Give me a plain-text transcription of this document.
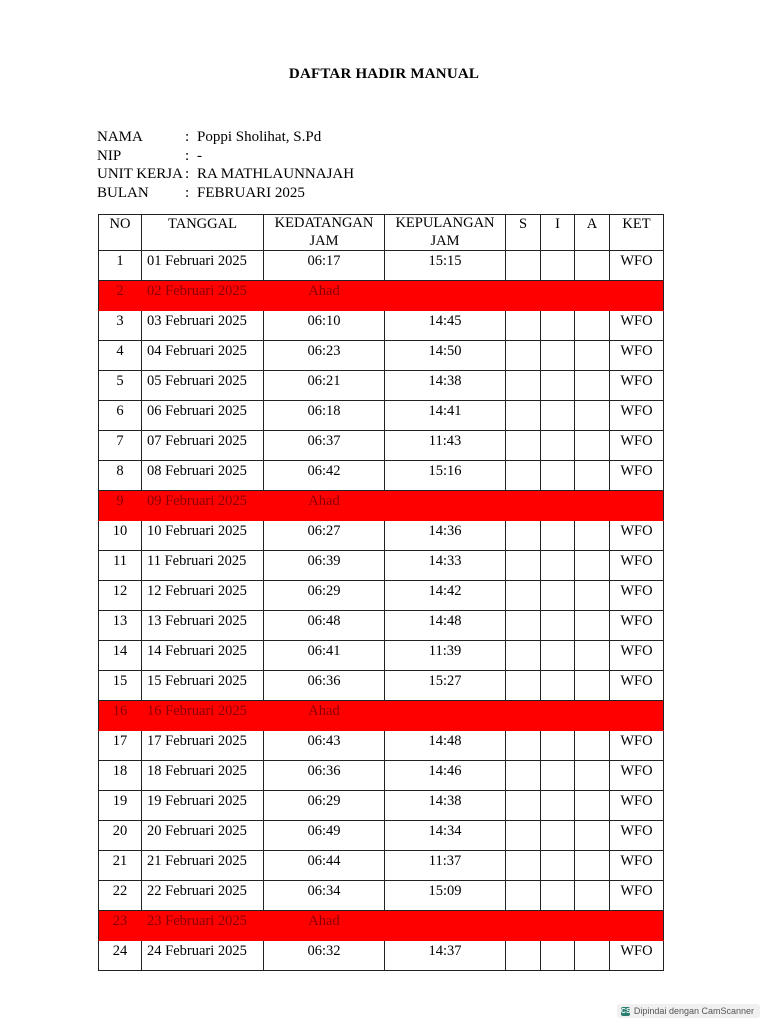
DAFTAR HADIR MANUAL
NAMA	: Poppi Sholihat, S.Pd
NIP	: -
UNIT KERJA : RA MATHLAUNNAJAH
BULAN	: FEBRUARI 2025
NO	TANGGAL	KEDATANGAN	KEPULANGAN	S	I	A	KET
		JAM	JAM				
1	01 Februari 2025	06:17	15:15				WFO
2	02 Februari 2025	Ahad					
3	03 Februari 2025	06:10	14:45				WFO
4	04 Februari 2025	06:23	14:50				WFO
5	05 Februari 2025	06:21	14:38				WFO
6	06 Februari 2025	06:18	14:41				WFO
7	07 Februari 2025	06:37	11:43				WFO
8	08 Februari 2025	06:42	15:16				WFO
9	09 Februari 2025	Ahad					
10	10 Februari 2025	06:27	14:36				WFO
11	11 Februari 2025	06:39	14:33				WFO
12	12 Februari 2025	06:29	14:42				WFO
13	13 Februari 2025	06:48	14:48				WFO
14	14 Februari 2025	06:41	11:39				WFO
15	15 Februari 2025	06:36	15:27				WFO
16	16 Februari 2025	Ahad					
17	17 Februari 2025	06:43	14:48				WFO
18	18 Februari 2025	06:36	14:46				WFO
19	19 Februari 2025	06:29	14:38				WFO
20	20 Februari 2025	06:49	14:34				WFO
21	21 Februari 2025	06:44	11:37				WFO
22	22 Februari 2025	06:34	15:09				WFO
23	23 Februari 2025	Ahad					
24	24 Februari 2025	06:32	14:37				WFO
CS Dipindai dengan CamScanner
